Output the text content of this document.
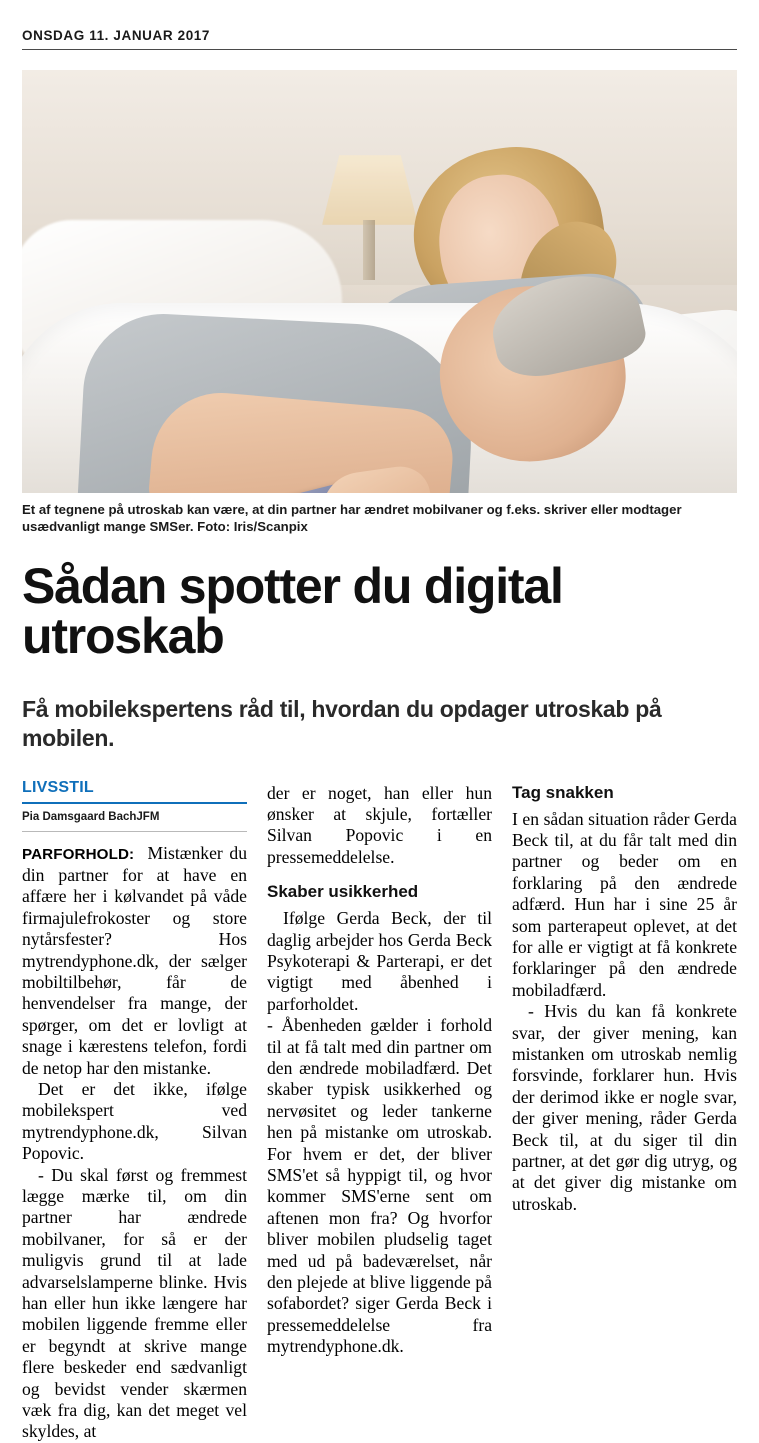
ONSDAG 11. JANUAR 2017
Et af tegnene på utroskab kan være, at din partner har ændret mobilvaner og f.eks. skriver eller modtager usædvanligt mange SMSer. Foto: Iris/Scanpix
Sådan spotter du digital utroskab
Få mobilekspertens råd til, hvordan du opdager utroskab på mobilen.
LIVSSTIL
Pia Damsgaard Bach‌JFM

PARFORHOLD: Mistænker du din partner for at have en affære her i kølvandet på våde firmajulefrokoster og store nytårsfester? Hos mytrendyphone.dk, der sælger mobiltilbehør, får de henvendelser fra mange, der spørger, om det er lovligt at snage i kærestens telefon, fordi de netop har den mistanke.

Det er det ikke, ifølge mobilekspert ved mytrendyphone.dk, Silvan Popovic.

- Du skal først og fremmest lægge mærke til, om din partner har ændrede mobilvaner, for så er der muligvis grund til at lade advarselslamperne blinke. Hvis han eller hun ikke længere har mobilen liggende fremme eller er begyndt at skrive mange flere beskeder end sædvanligt og bevidst vender skærmen væk fra dig, kan det meget vel skyldes, at

der er noget, han eller hun ønsker at skjule, fortæller Silvan Popovic i en pressemeddelelse.

Skaber usikkerhed

Ifølge Gerda Beck, der til daglig arbejder hos Gerda Beck Psykoterapi & Parterapi, er det vigtigt med åbenhed i parforholdet.

- Åbenheden gælder i forhold til at få talt med din partner om den ændrede mobiladfærd. Det skaber typisk usikkerhed og nervøsitet og leder tankerne hen på mistanke om utroskab. For hvem er det, der bliver SMS'et så hyppigt til, og hvor kommer SMS'erne sent om aftenen mon fra? Og hvorfor bliver mobilen pludselig taget med ud på badeværelset, når den plejede at blive liggende på sofabordet? siger Gerda Beck i pressemeddelelse fra mytrendyphone.dk.

Tag snakken

I en sådan situation råder Gerda Beck til, at du får talt med din partner og beder om en forklaring på den ændrede adfærd. Hun har i sine 25 år som parterapeut oplevet, at det for alle er vigtigt at få konkrete forklaringer på den ændrede mobiladfærd.

- Hvis du kan få konkrete svar, der giver mening, kan mistanken om utroskab nemlig forsvinde, forklarer hun. Hvis der derimod ikke er nogle svar, der giver mening, råder Gerda Beck til, at du siger til din partner, at det gør dig utryg, og at det giver dig mistanke om utroskab.
